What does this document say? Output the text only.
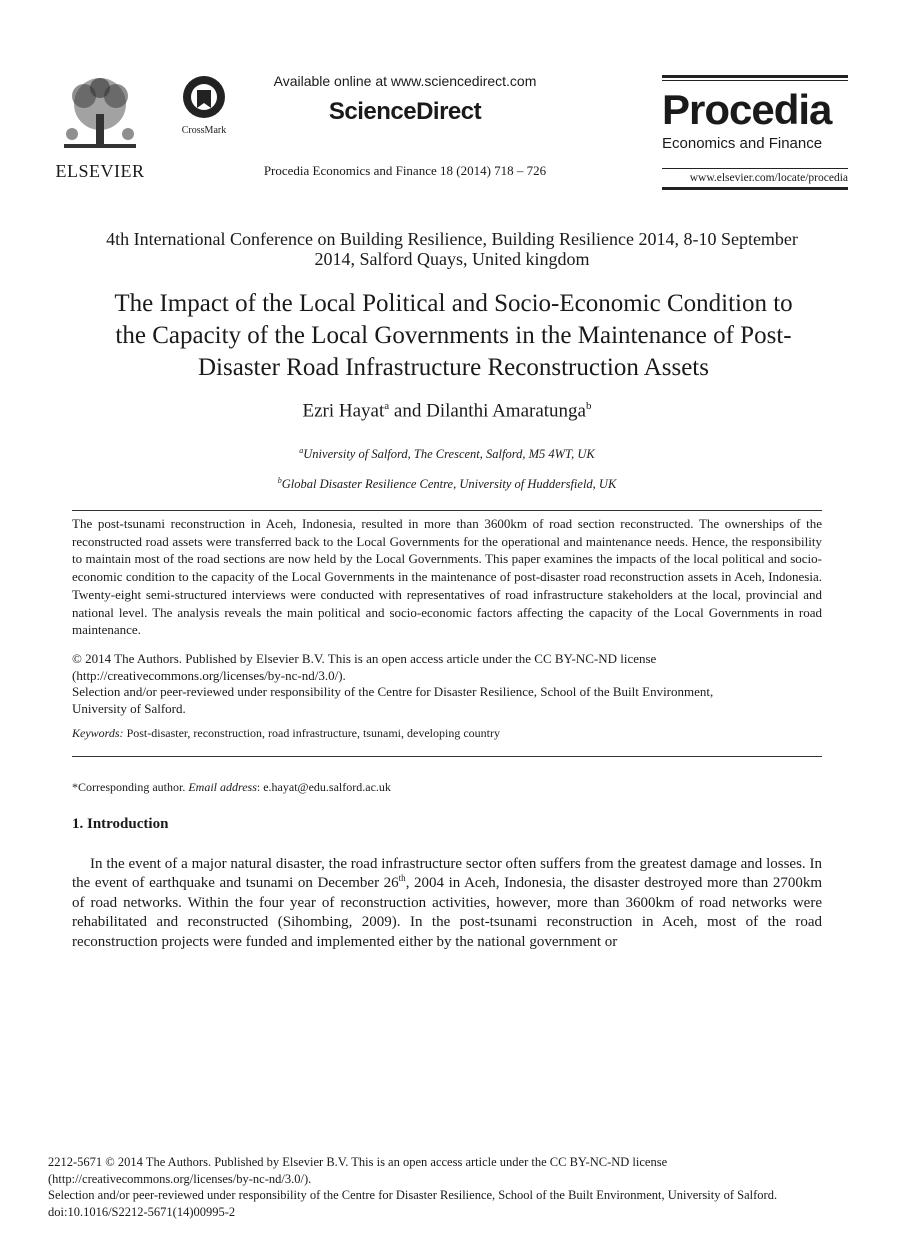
ELSEVIER
CrossMark
Available online at www.sciencedirect.com
ScienceDirect
Procedia Economics and Finance 18 (2014) 718 – 726
Procedia
Economics and Finance
www.elsevier.com/locate/procedia
4th International Conference on Building Resilience, Building Resilience 2014, 8-10 September
2014, Salford Quays, United kingdom
The Impact of the Local Political and Socio-Economic Condition to
the Capacity of the Local Governments in the Maintenance of Post-
Disaster Road Infrastructure Reconstruction Assets
Ezri Hayat$^a$ and Dilanthi Amaratunga$^b$
$^a$University of Salford, The Crescent, Salford, M5 4WT, UK
$^b$Global Disaster Resilience Centre, University of Huddersfield, UK
The post-tsunami reconstruction in Aceh, Indonesia, resulted in more than 3600km of road section reconstructed. The ownerships of the reconstructed road assets were transferred back to the Local Governments for the operational and maintenance needs. Hence, the responsibility to maintain most of the road sections are now held by the Local Governments. This paper examines the impacts of the local political and socio-economic condition to the capacity of the Local Governments in the maintenance of post-disaster road reconstruction assets in Aceh, Indonesia. Twenty-eight semi-structured interviews were conducted with representatives of road infrastructure stakeholders at the local, provincial and national level. The analysis reveals the main political and socio-economic factors affecting the capacity of the Local Governments in road maintenance.
© 2014 The Authors. Published by Elsevier B.V. This is an open access article under the CC BY-NC-ND license
(http://creativecommons.org/licenses/by-nc-nd/3.0/).
Selection and/or peer-reviewed under responsibility of the Centre for Disaster Resilience, School of the Built Environment,
University of Salford.
Keywords: Post-disaster, reconstruction, road infrastructure, tsunami, developing country
*Corresponding author. Email address: e.hayat@edu.salford.ac.uk
1. Introduction
In the event of a major natural disaster, the road infrastructure sector often suffers from the greatest damage and losses. In the event of earthquake and tsunami on December 26th, 2004 in Aceh, Indonesia, the disaster destroyed more than 2700km of road networks. Within the four year of reconstruction activities, however, more than 3600km of road networks were rehabilitated and reconstructed (Sihombing, 2009). In the post-tsunami reconstruction in Aceh, most of the road reconstruction projects were funded and implemented either by the national government or
2212-5671 © 2014 The Authors. Published by Elsevier B.V. This is an open access article under the CC BY-NC-ND license
(http://creativecommons.org/licenses/by-nc-nd/3.0/).
Selection and/or peer-reviewed under responsibility of the Centre for Disaster Resilience, School of the Built Environment, University of Salford.
doi:10.1016/S2212-5671(14)00995-2
